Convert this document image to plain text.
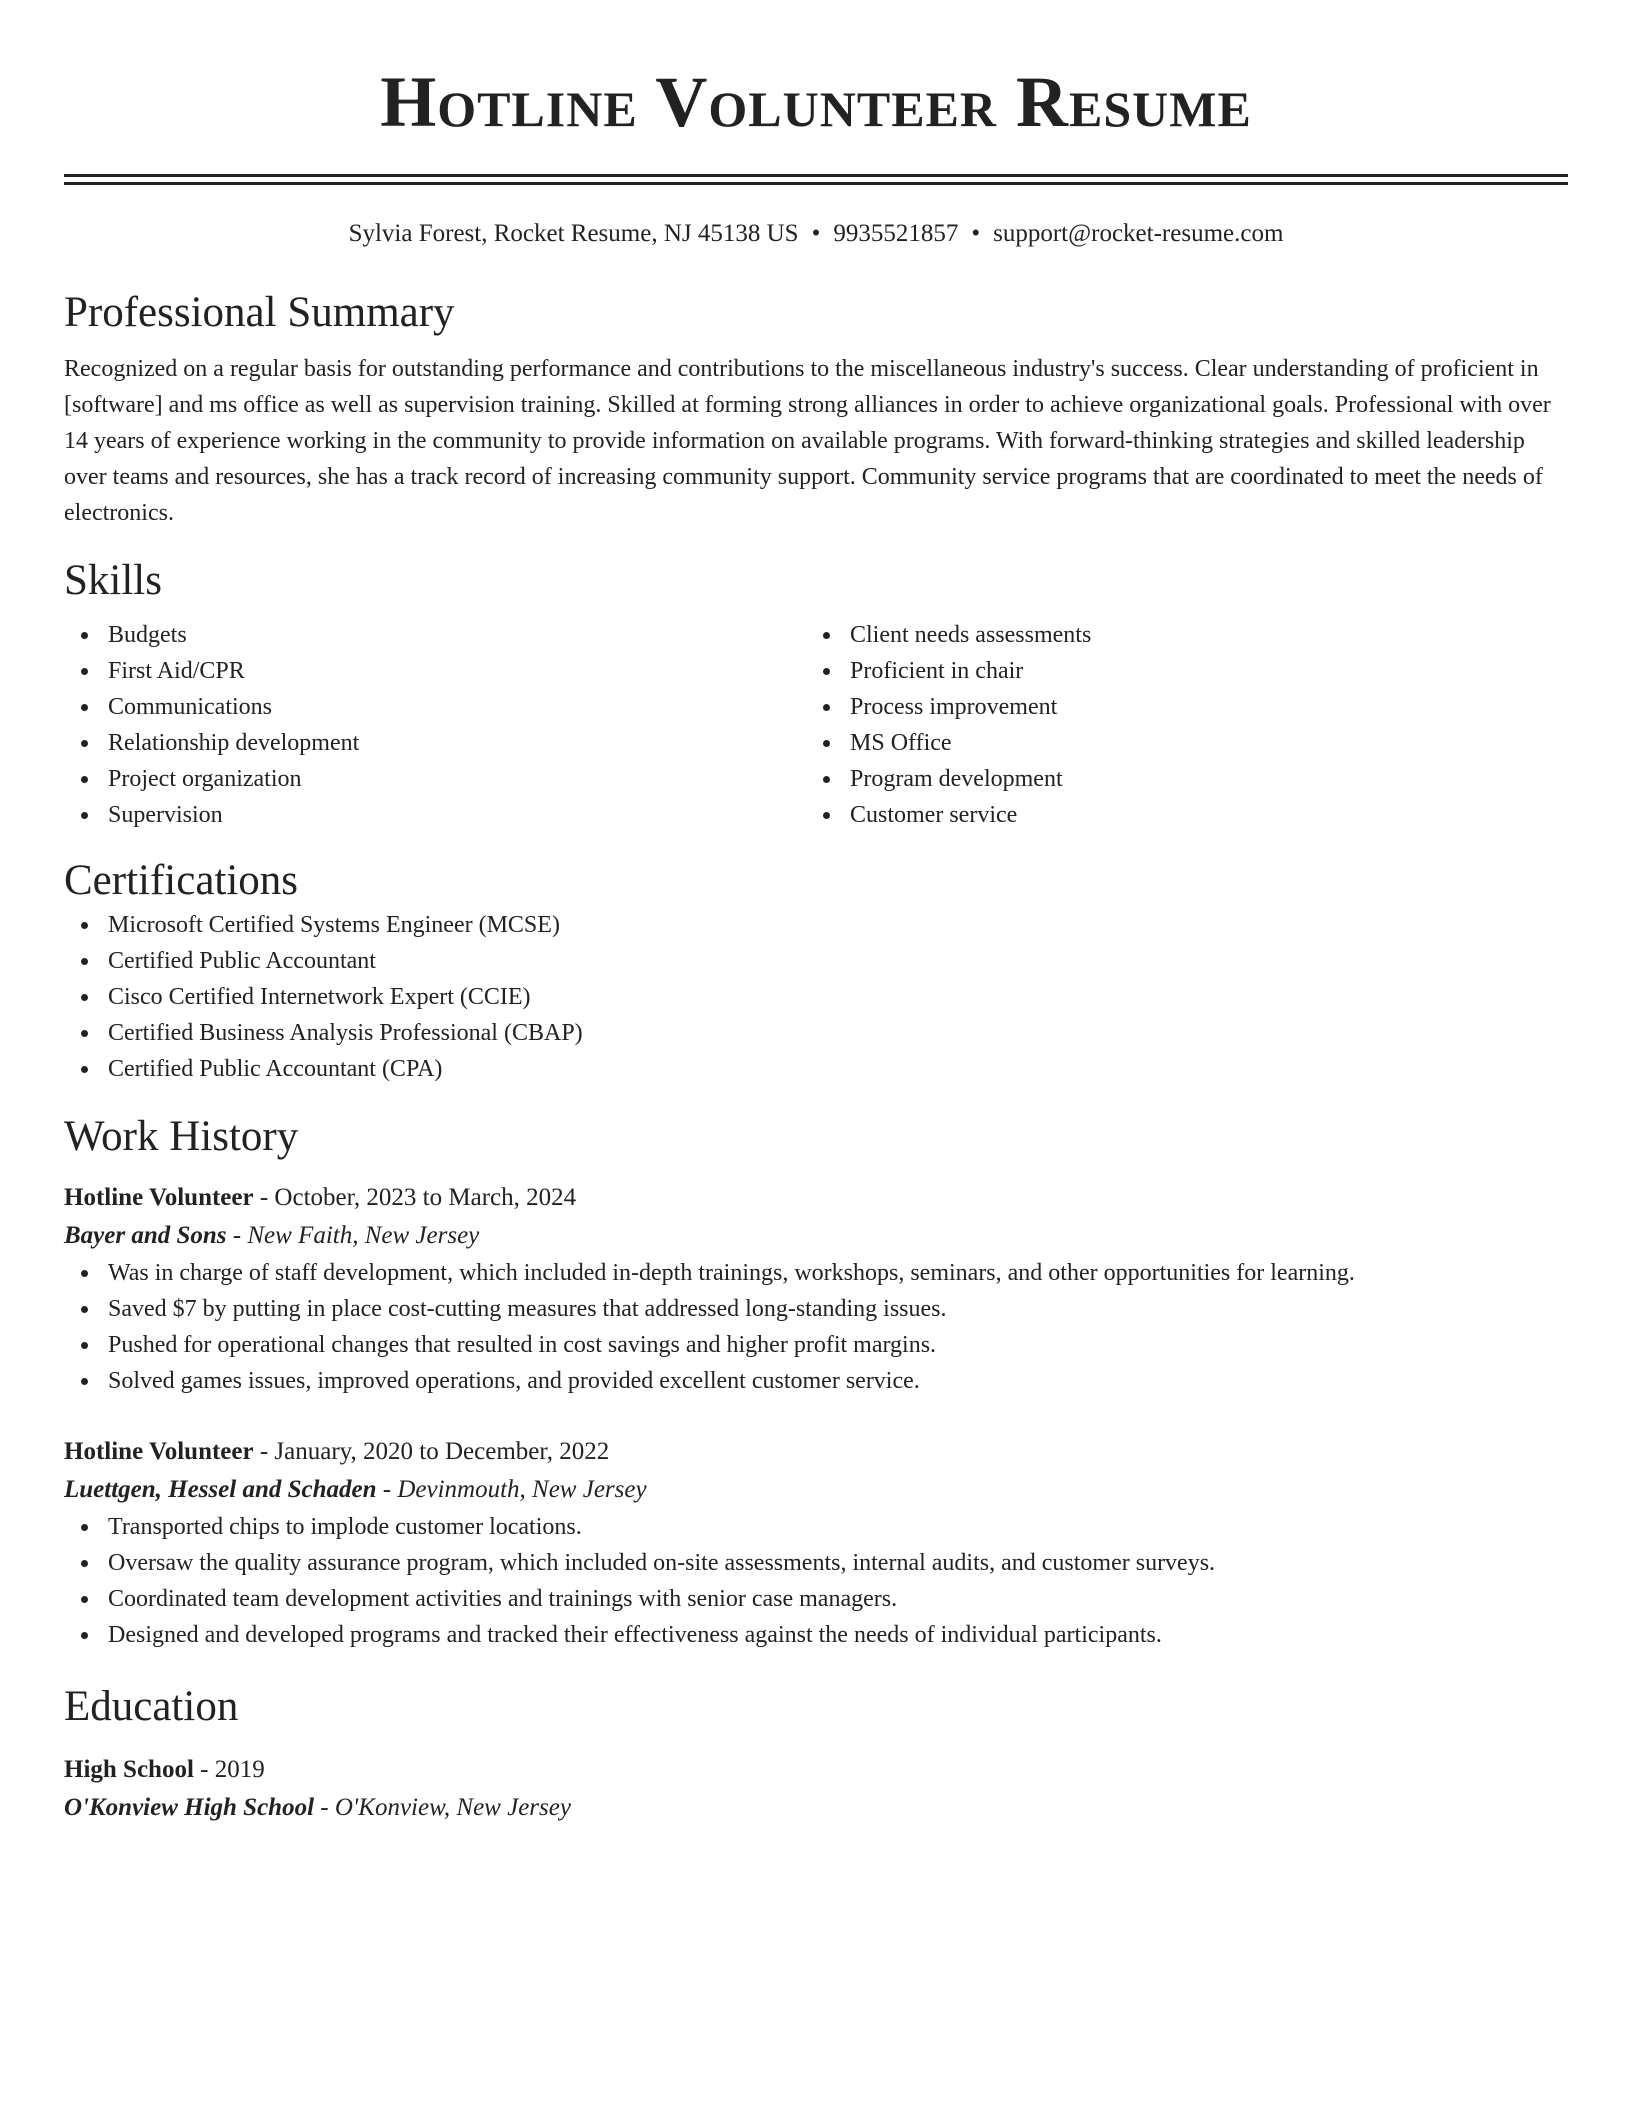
Hotline Volunteer Resume
Sylvia Forest, Rocket Resume, NJ 45138 US • 9935521857 • support@rocket-resume.com
Professional Summary
Recognized on a regular basis for outstanding performance and contributions to the miscellaneous industry's success. Clear understanding of proficient in [software] and ms office as well as supervision training. Skilled at forming strong alliances in order to achieve organizational goals. Professional with over 14 years of experience working in the community to provide information on available programs. With forward-thinking strategies and skilled leadership over teams and resources, she has a track record of increasing community support. Community service programs that are coordinated to meet the needs of electronics.
Skills
Budgets
First Aid/CPR
Communications
Relationship development
Project organization
Supervision
Client needs assessments
Proficient in chair
Process improvement
MS Office
Program development
Customer service
Certifications
Microsoft Certified Systems Engineer (MCSE)
Certified Public Accountant
Cisco Certified Internetwork Expert (CCIE)
Certified Business Analysis Professional (CBAP)
Certified Public Accountant (CPA)
Work History
Hotline Volunteer - October, 2023 to March, 2024
Bayer and Sons - New Faith, New Jersey
Was in charge of staff development, which included in-depth trainings, workshops, seminars, and other opportunities for learning.
Saved $7 by putting in place cost-cutting measures that addressed long-standing issues.
Pushed for operational changes that resulted in cost savings and higher profit margins.
Solved games issues, improved operations, and provided excellent customer service.
Hotline Volunteer - January, 2020 to December, 2022
Luettgen, Hessel and Schaden - Devinmouth, New Jersey
Transported chips to implode customer locations.
Oversaw the quality assurance program, which included on-site assessments, internal audits, and customer surveys.
Coordinated team development activities and trainings with senior case managers.
Designed and developed programs and tracked their effectiveness against the needs of individual participants.
Education
High School - 2019
O'Konview High School - O'Konview, New Jersey
